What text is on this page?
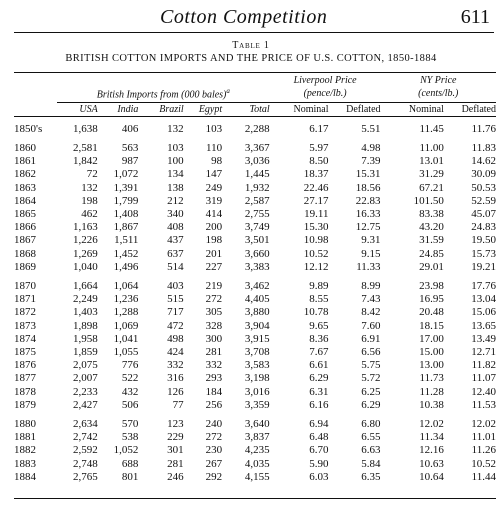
Cotton Competition	611
Table 1
BRITISH COTTON IMPORTS AND THE PRICE OF U.S. COTTON, 1850-1884

	British Imports from (000 bales)$^a$					Liverpool Price
(pence/lb.)		NY Price
(cents/lb.)	

	USA	India	Brazil	Egypt	Total	Nominal	Deflated	Nominal	Deflated

1850's	1,638	406	132	103	2,288	6.17	5.51	11.45	11.76

1860	2,581	563	103	110	3,367	5.97	4.98	11.00	11.83
1861	1,842	987	100	98	3,036	8.50	7.39	13.01	14.62
1862	72	1,072	134	147	1,445	18.37	15.31	31.29	30.09
1863	132	1,391	138	249	1,932	22.46	18.56	67.21	50.53
1864	198	1,799	212	319	2,587	27.17	22.83	101.50	52.59
1865	462	1,408	340	414	2,755	19.11	16.33	83.38	45.07
1866	1,163	1,867	408	200	3,749	15.30	12.75	43.20	24.83
1867	1,226	1,511	437	198	3,501	10.98	9.31	31.59	19.50
1868	1,269	1,452	637	201	3,660	10.52	9.15	24.85	15.73
1869	1,040	1,496	514	227	3,383	12.12	11.33	29.01	19.21

1870	1,664	1,064	403	219	3,462	9.89	8.99	23.98	17.76
1871	2,249	1,236	515	272	4,405	8.55	7.43	16.95	13.04
1872	1,403	1,288	717	305	3,880	10.78	8.42	20.48	15.06
1873	1,898	1,069	472	328	3,904	9.65	7.60	18.15	13.65
1874	1,958	1,041	498	300	3,915	8.36	6.91	17.00	13.49
1875	1,859	1,055	424	281	3,708	7.67	6.56	15.00	12.71
1876	2,075	776	332	332	3,583	6.61	5.75	13.00	11.82
1877	2,007	522	316	293	3,198	6.29	5.72	11.73	11.07
1878	2,233	432	126	184	3,016	6.31	6.25	11.28	12.40
1879	2,427	506	77	256	3,359	6.16	6.29	10.38	11.53

1880	2,634	570	123	240	3,640	6.94	6.80	12.02	12.02
1881	2,742	538	229	272	3,837	6.48	6.55	11.34	11.01
1882	2,592	1,052	301	230	4,235	6.70	6.63	12.16	11.26
1883	2,748	688	281	267	4,035	5.90	5.84	10.63	10.52
1884	2,765	801	246	292	4,155	6.03	6.35	10.64	11.44
